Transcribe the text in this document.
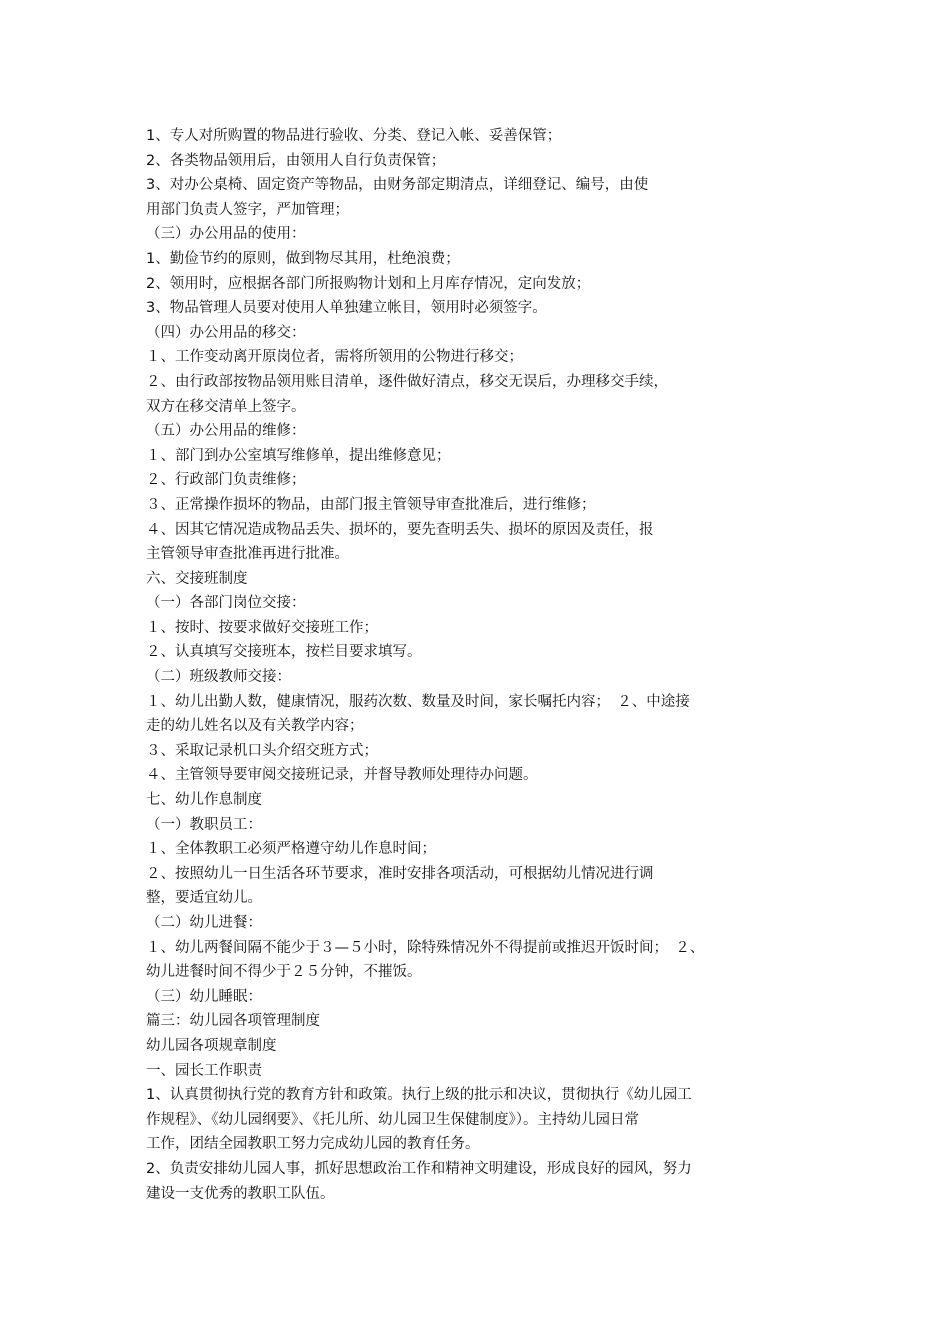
1、专人对所购置的物品进行验收、分类、登记入帐、妥善保管；
2、各类物品领用后，由领用人自行负责保管；
3、对办公桌椅、固定资产等物品，由财务部定期清点，详细登记、编号，由使
用部门负责人签字，严加管理；
（三）办公用品的使用：
1、勤俭节约的原则，做到物尽其用，杜绝浪费；
2、领用时，应根据各部门所报购物计划和上月库存情况，定向发放；
3、物品管理人员要对使用人单独建立帐目，领用时必须签字。
（四）办公用品的移交：
１、工作变动离开原岗位者，需将所领用的公物进行移交；
２、由行政部按物品领用账目清单，逐件做好清点，移交无误后，办理移交手续，
双方在移交清单上签字。
（五）办公用品的维修：
１、部门到办公室填写维修单，提出维修意见；
２、行政部门负责维修；
３、正常操作损坏的物品，由部门报主管领导审查批准后，进行维修；
４、因其它情况造成物品丢失、损坏的，要先查明丢失、损坏的原因及责任，报
主管领导审查批准再进行批准。
六、交接班制度
（一）各部门岗位交接：
１、按时、按要求做好交接班工作；
２、认真填写交接班本，按栏目要求填写。
（二）班级教师交接：
１、幼儿出勤人数，健康情况，服药次数、数量及时间，家长嘱托内容；　２、中途接
走的幼儿姓名以及有关教学内容；
３、采取记录机口头介绍交班方式；
４、主管领导要审阅交接班记录，并督导教师处理待办问题。
七、幼儿作息制度
（一）教职员工：
１、全体教职工必须严格遵守幼儿作息时间；
２、按照幼儿一日生活各环节要求，准时安排各项活动，可根据幼儿情况进行调
整，要适宜幼儿。
（二）幼儿进餐：
１、幼儿两餐间隔不能少于３—５小时，除特殊情况外不得提前或推迟开饭时间；　２、
幼儿进餐时间不得少于２５分钟，不摧饭。
（三）幼儿睡眠：
篇三：幼儿园各项管理制度
幼儿园各项规章制度
一、园长工作职责
1、认真贯彻执行党的教育方针和政策。执行上级的批示和决议，贯彻执行《幼儿园工
作规程》、《幼儿园纲要》、《托儿所、幼儿园卫生保健制度》）。主持幼儿园日常
工作，团结全园教职工努力完成幼儿园的教育任务。
2、负责安排幼儿园人事，抓好思想政治工作和精神文明建设，形成良好的园风，努力
建设一支优秀的教职工队伍。
